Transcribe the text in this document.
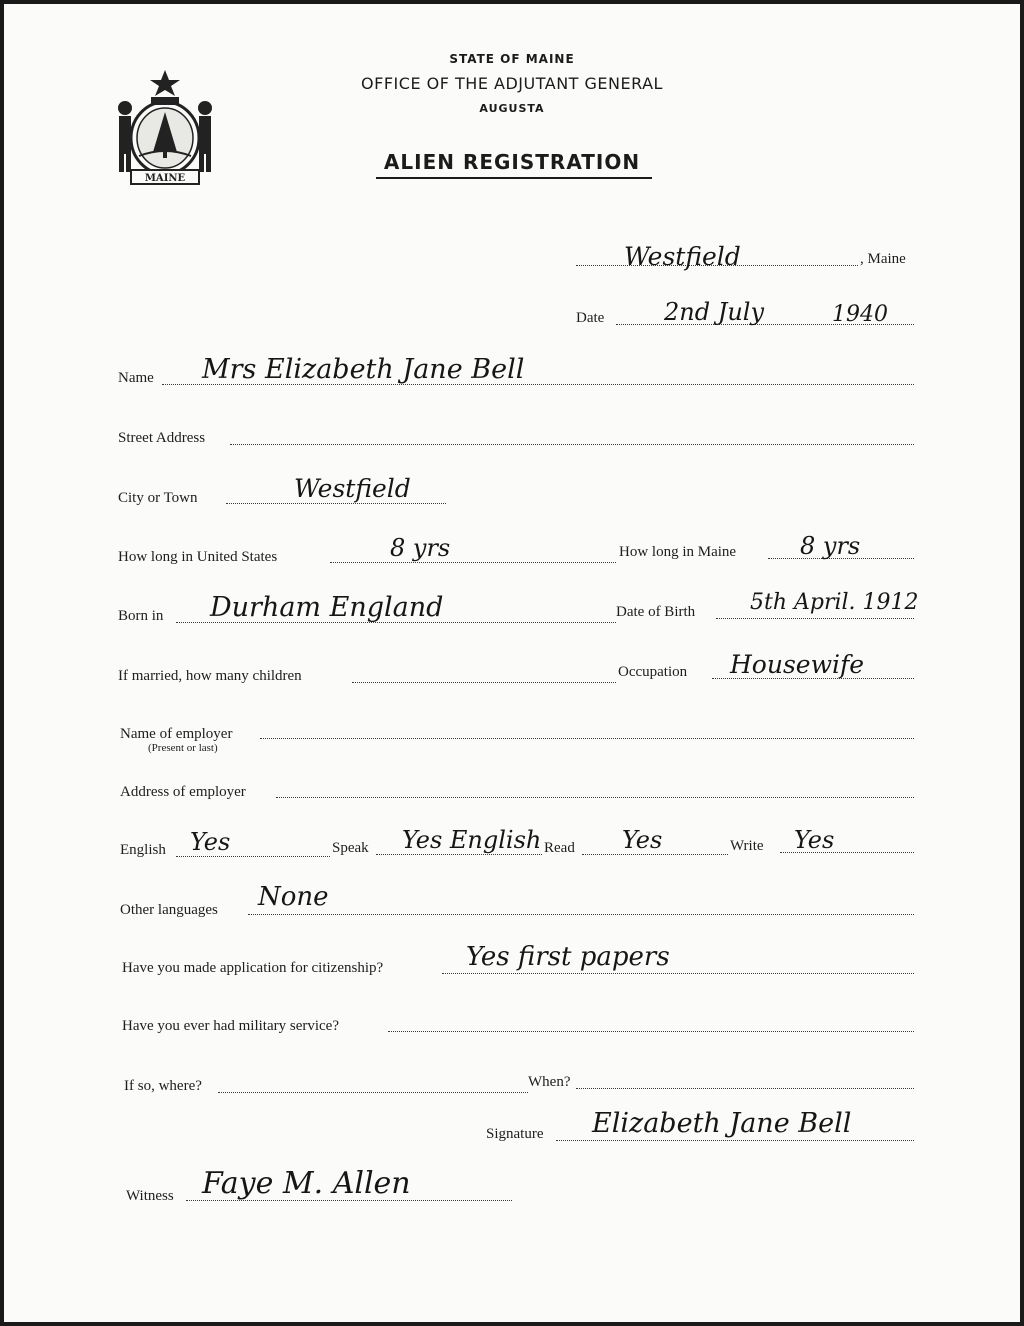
MAINE
STATE OF MAINE
OFFICE OF THE ADJUTANT GENERAL
AUGUSTA
ALIEN REGISTRATION
Westfield	, Maine
Date 2nd July	1940
Name Mrs Elizabeth Jane Bell
Street Address
City or Town	Westfield
How long in United States	8 yrs	How long in Maine	8 yrs
Born in Durham England	Date of Birth 5th April. 1912
If married, how many children	Occupation Housewife
Name of employer
(Present or last)
Address of employer
English Yes	Speak Yes English Read Yes	Write Yes
Other languages None
Have you made application for citizenship?	Yes first papers
Have you ever had military service?
If so, where?	When?
Signature Elizabeth Jane Bell
Witness Faye M. Allen
